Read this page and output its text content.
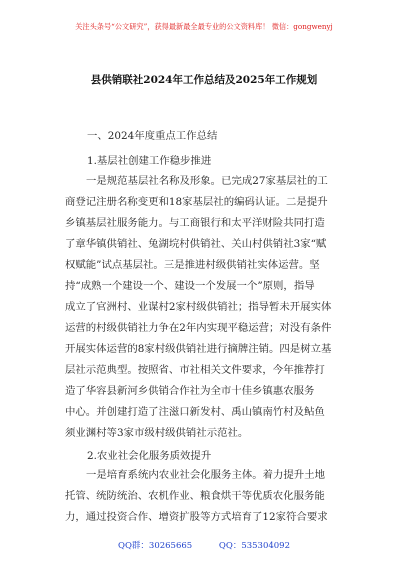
关注头条号“公文研究”，获得最新最全最专业的公文资料库！ 微信：gongwenyj
县供销联社2024年工作总结及2025年工作规划
一、2024年度重点工作总结
1.基层社创建工作稳步推进
一是规范基层社名称及形象。已完成27家基层社的工
商登记注册名称变更和18家基层社的编码认证。二是提升
乡镇基层社服务能力。与工商银行和太平洋财险共同打造
了章华镇供销社、兔湖垸村供销社、关山村供销社3家“赋
权赋能”试点基层社。三是推进村级供销社实体运营。坚
持“成熟一个建设一个、建设一个发展一个”原则，指导
成立了官洲村、业谋村2家村级供销社；指导暂未开展实体
运营的村级供销社力争在2年内实现平稳运营；对没有条件
开展实体运营的8家村级供销社进行摘牌注销。四是树立基
层社示范典型。按照省、市社相关文件要求，今年推荐打
造了华容县新河乡供销合作社为全市十佳乡镇惠农服务
中心。并创建打造了注滋口新发村、禹山镇南竹村及鲇鱼
须业渊村等3家市级村级供销社示范社。
2.农业社会化服务质效提升
一是培育系统内农业社会化服务主体。着力提升土地
托管、统防统治、农机作业、粮食烘干等优质农化服务能
力，通过投资合作、增资扩股等方式培育了12家符合要求
QQ群：30265665	QQ：535304092
